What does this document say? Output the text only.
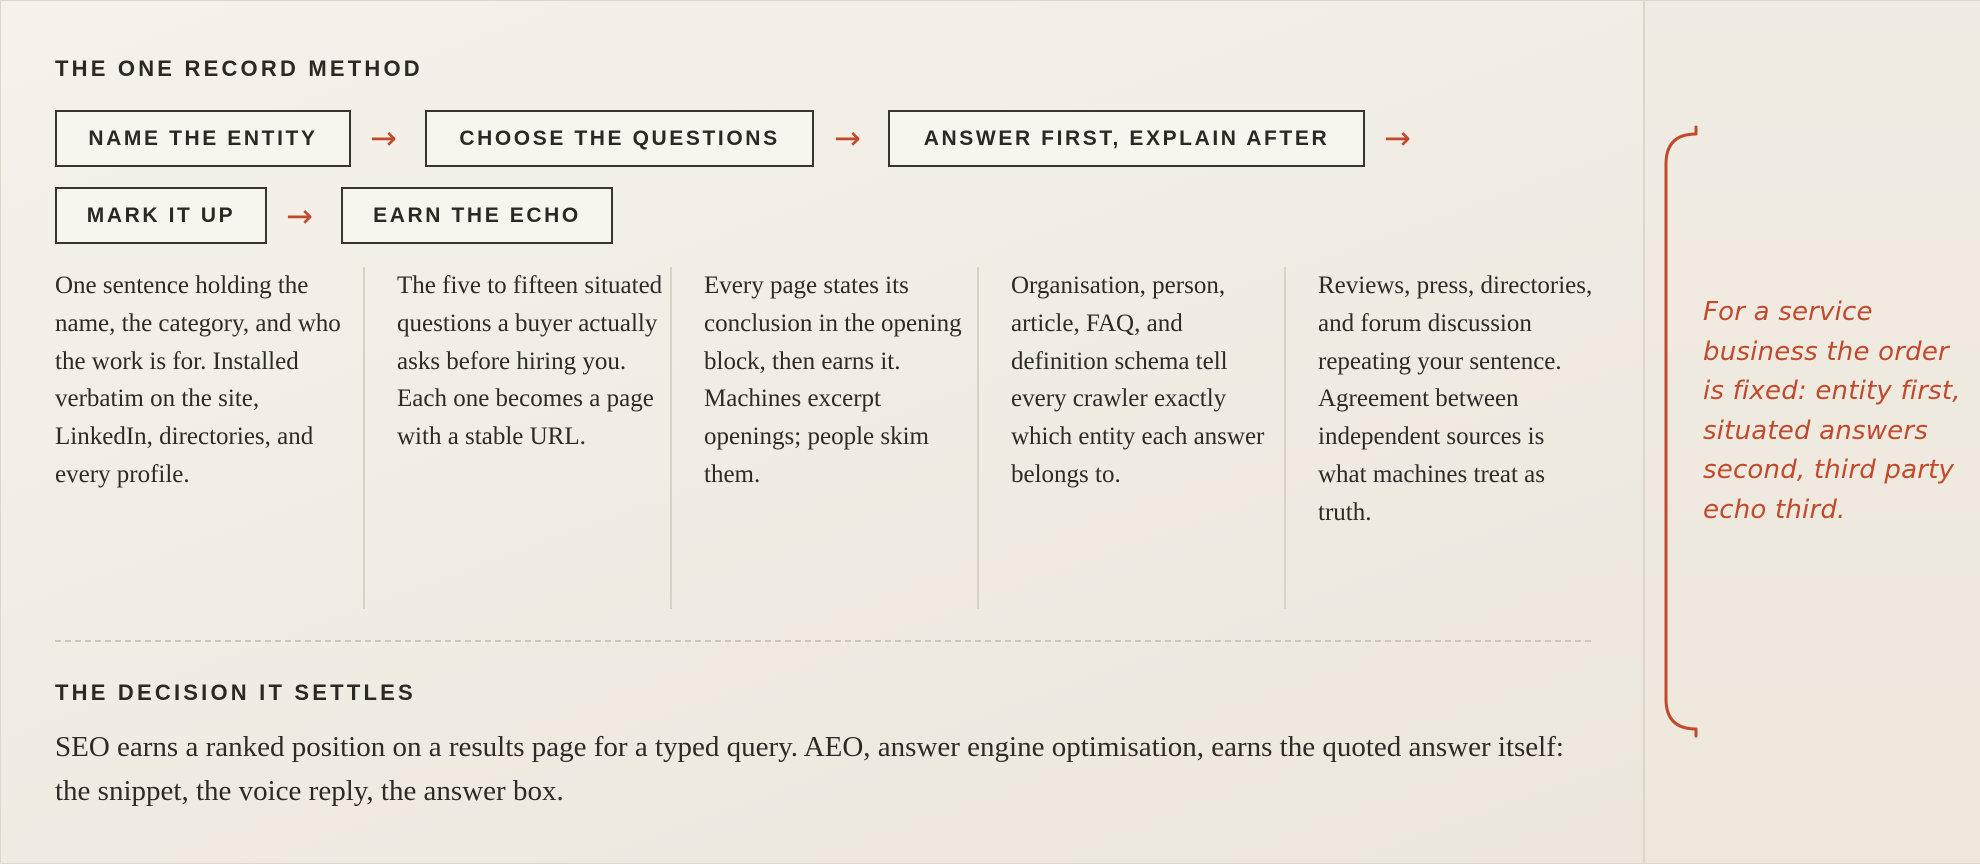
THE ONE RECORD METHOD
NAME THE ENTITY	→	CHOOSE THE QUESTIONS	→	ANSWER FIRST, EXPLAIN AFTER	→
MARK IT UP	→	EARN THE ECHO

One sentence holding the name, the category, and who the work is for. Installed verbatim on the site, LinkedIn, directories, and every profile.

The five to fifteen situated questions a buyer actually asks before hiring you. Each one becomes a page with a stable URL.

Every page states its conclusion in the opening block, then earns it. Machines excerpt openings; people skim them.

Organisation, person, article, FAQ, and definition schema tell every crawler exactly which entity each answer belongs to.

Reviews, press, directories, and forum discussion repeating your sentence. Agreement between independent sources is what machines treat as truth.

THE DECISION IT SETTLES

SEO earns a ranked position on a results page for a typed query. AEO, answer engine optimisation, earns the quoted answer itself: the snippet, the voice reply, the answer box.

For a service business the order is fixed: entity first, situated answers second, third party echo third.
